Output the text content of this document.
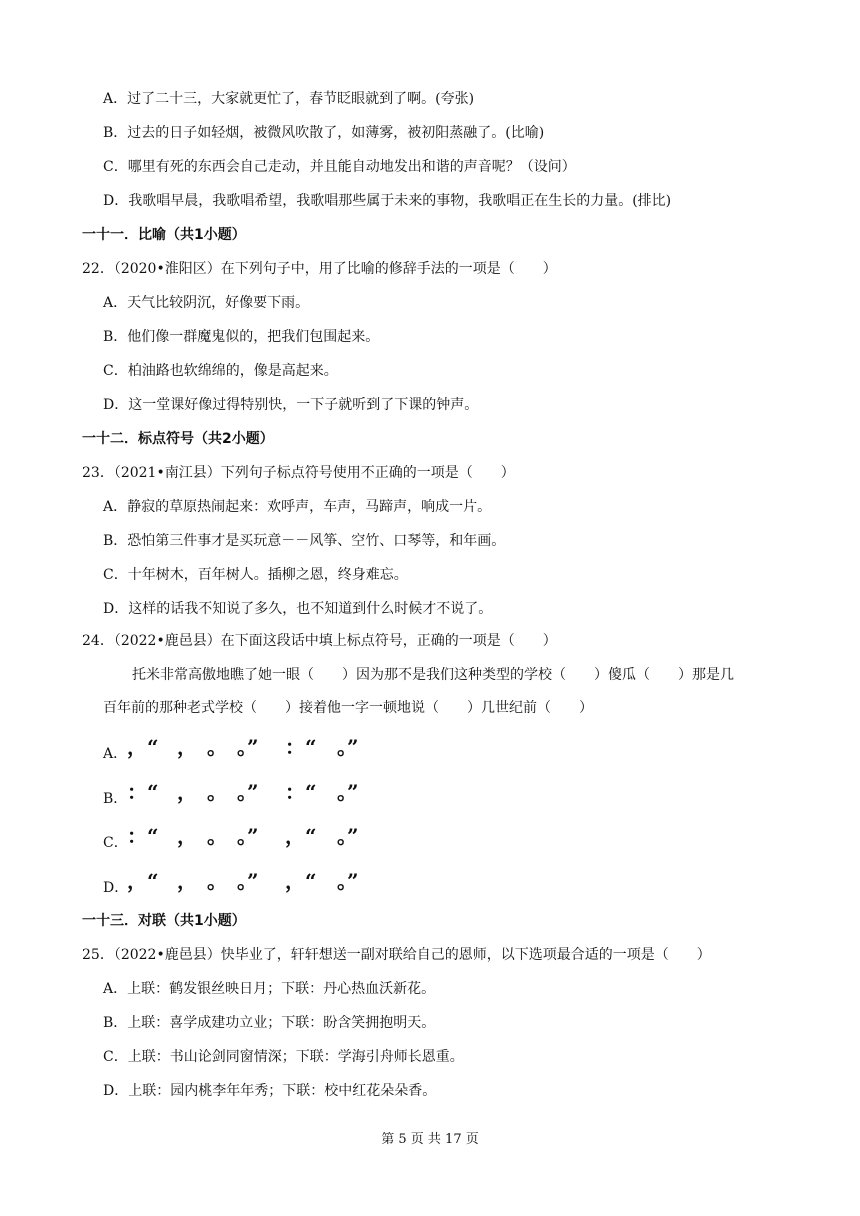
A．过了二十三，大家就更忙了，春节眨眼就到了啊。(夸张)
B．过去的日子如轻烟，被微风吹散了，如薄雾，被初阳蒸融了。(比喻)
C．哪里有死的东西会自己走动，并且能自动地发出和谐的声音呢？（设问）
D．我歌唱早晨，我歌唱希望，我歌唱那些属于未来的事物，我歌唱正在生长的力量。(排比)
一十一．比喻（共1小题）
22．（2020•淮阳区）在下列句子中，用了比喻的修辞手法的一项是（　　）
A．天气比较阴沉，好像要下雨。
B．他们像一群魔鬼似的，把我们包围起来。
C．柏油路也软绵绵的，像是高起来。
D．这一堂课好像过得特别快，一下子就听到了下课的钟声。
一十二．标点符号（共2小题）
23．（2021•南江县）下列句子标点符号使用不正确的一项是（　　）
A．静寂的草原热闹起来：欢呼声，车声，马蹄声，响成一片。
B．恐怕第三件事才是买玩意－－风筝、空竹、口琴等，和年画。
C．十年树木，百年树人。插柳之恩，终身难忘。
D．这样的话我不知说了多久，也不知道到什么时候才不说了。
24．（2022•鹿邑县）在下面这段话中填上标点符号，正确的一项是（　　）
托米非常高傲地瞧了她一眼（　　）因为那不是我们这种类型的学校（　　）傻瓜（　　）那是几
百年前的那种老式学校（　　）接着他一字一顿地说（　　）几世纪前（　　）
A． ，“ ， 。 。” ：“ 。”
B． ：“ ， 。 。” ：“ 。”
C． ：“ ， 。 。” ，“ 。”
D．
，“ ， 。 。” ，“ 。”
一十三．对联（共1小题）
25．（2022•鹿邑县）快毕业了，轩轩想送一副对联给自己的恩师，以下选项最合适的一项是（　　）
A．上联：鹤发银丝映日月；下联：丹心热血沃新花。
B．上联：喜学成建功立业；下联：盼含笑拥抱明天。
C．上联：书山论剑同窗情深；下联：学海引舟师长恩重。
D．上联：园内桃李年年秀；下联：校中红花朵朵香。
第 5 页 共 17 页
